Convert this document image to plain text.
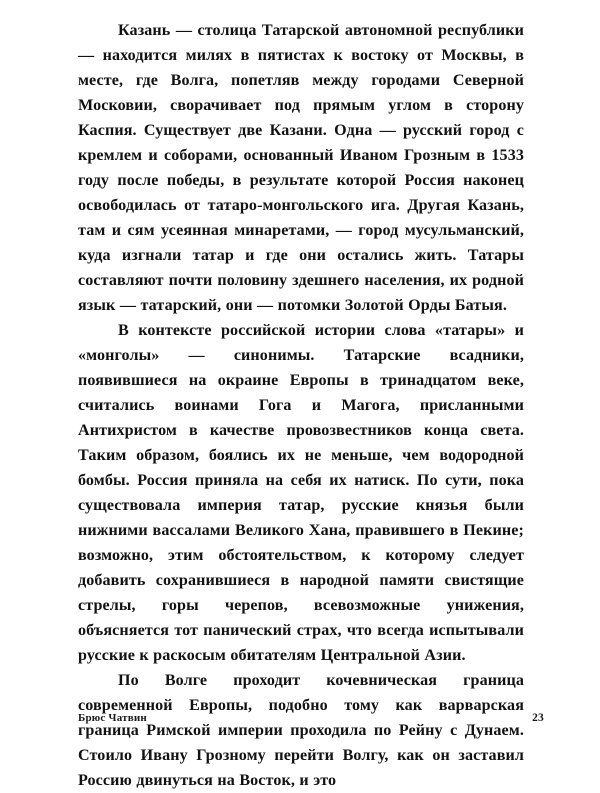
Казань — столица Татарской автономной республики — находится милях в пятистах к востоку от Москвы, в месте, где Волга, попетляв между городами Северной Московии, сворачивает под прямым углом в сторону Каспия. Существует две Казани. Одна — русский город с кремлем и соборами, основанный Иваном Грозным в 1533 году после победы, в результате которой Россия наконец освободилась от татаро-монгольского ига. Другая Казань, там и сям усеянная минаретами, — город мусульманский, куда изгнали татар и где они остались жить. Татары составляют почти половину здешнего населения, их родной язык — татарский, они — потомки Золотой Орды Батыя.

В контексте российской истории слова «татары» и «монголы» — синонимы. Татарские всадники, появившиеся на окраине Европы в тринадцатом веке, считались воинами Гога и Магога, присланными Антихристом в качестве провозвестников конца света. Таким образом, боялись их не меньше, чем водородной бомбы. Россия приняла на себя их натиск. По сути, пока существовала империя татар, русские князья были нижними вассалами Великого Хана, правившего в Пекине; возможно, этим обстоятельством, к которому следует добавить сохранившиеся в народной памяти свистящие стрелы, горы черепов, всевозможные унижения, объясняется тот панический страх, что всегда испытывали русские к раскосым обитателям Центральной Азии.

По Волге проходит кочевническая граница современной Европы, подобно тому как варварская граница Римской империи проходила по Рейну с Дунаем. Стоило Ивану Грозному перейти Волгу, как он заставил Россию двинуться на Восток, и это

Брюс Чатвин	23
